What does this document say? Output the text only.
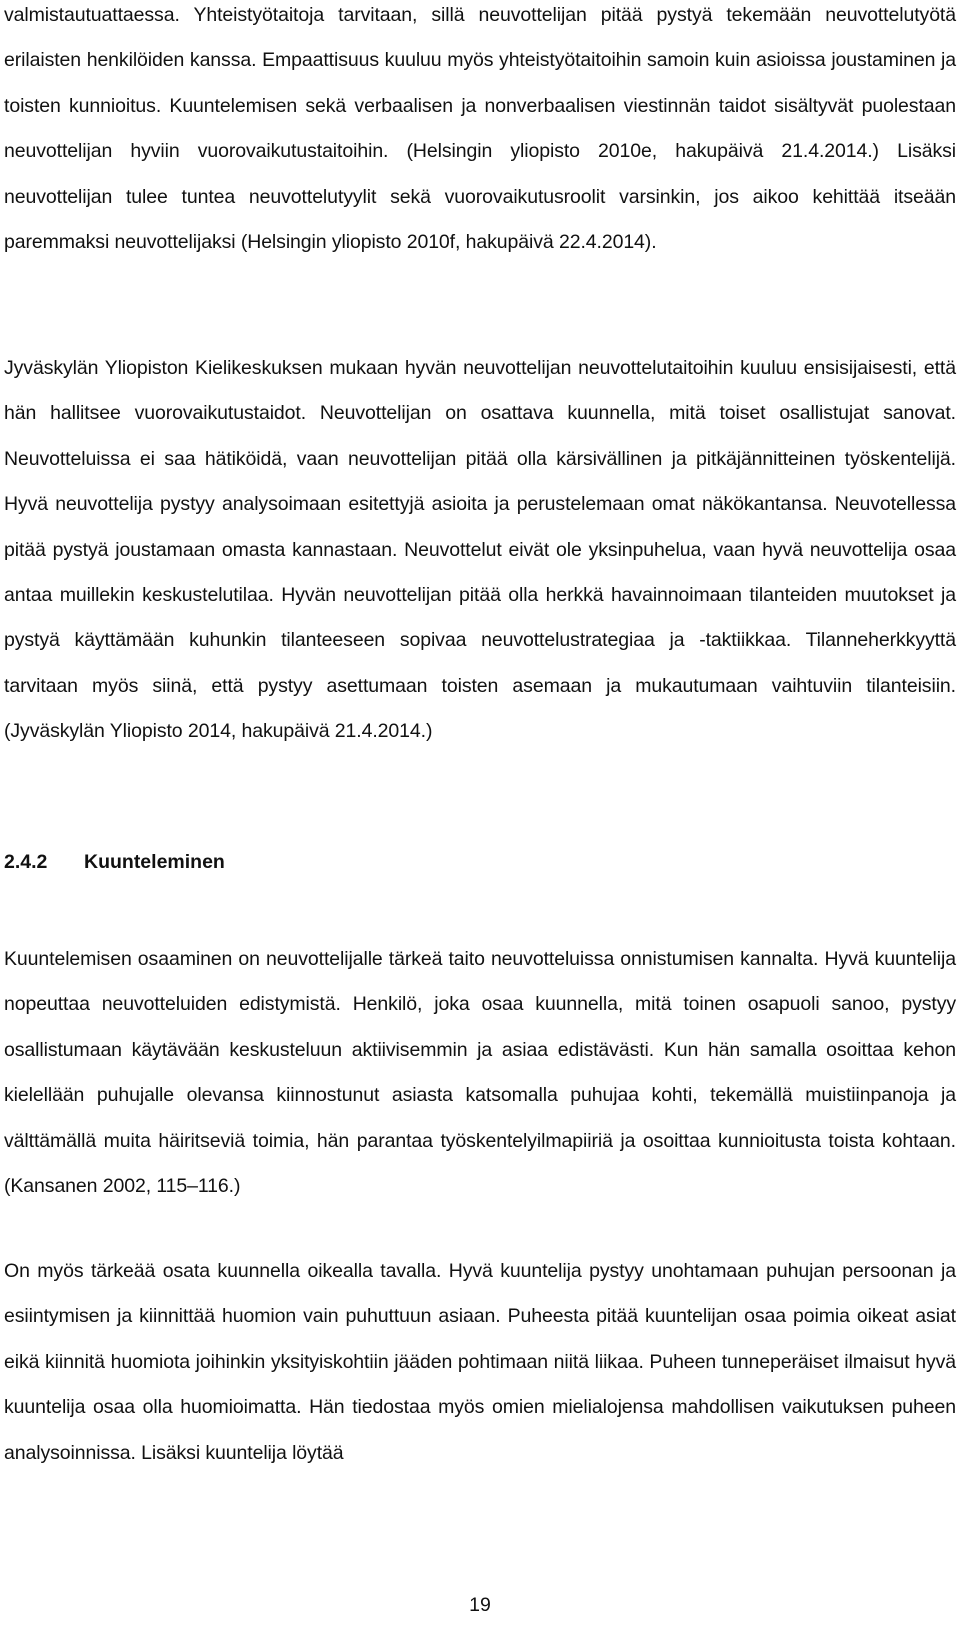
valmistautuattaessa. Yhteistyötaitoja tarvitaan, sillä neuvottelijan pitää pystyä tekemään neuvottelutyötä erilaisten henkilöiden kanssa. Empaattisuus kuuluu myös yhteistyötaitoihin samoin kuin asioissa joustaminen ja toisten kunnioitus. Kuuntelemisen sekä verbaalisen ja nonverbaalisen viestinnän taidot sisältyvät puolestaan neuvottelijan hyviin vuorovaikutustaitoihin. (Helsingin yliopisto 2010e, hakupäivä 21.4.2014.) Lisäksi neuvottelijan tulee tuntea neuvottelutyylit sekä vuorovaikutusroolit varsinkin, jos aikoo kehittää itseään paremmaksi neuvottelijaksi (Helsingin yliopisto 2010f, hakupäivä 22.4.2014).

Jyväskylän Yliopiston Kielikeskuksen mukaan hyvän neuvottelijan neuvottelutaitoihin kuuluu ensisijaisesti, että hän hallitsee vuorovaikutustaidot. Neuvottelijan on osattava kuunnella, mitä toiset osallistujat sanovat. Neuvotteluissa ei saa hätiköidä, vaan neuvottelijan pitää olla kärsivällinen ja pitkäjännitteinen työskentelijä. Hyvä neuvottelija pystyy analysoimaan esitettyjä asioita ja perustelemaan omat näkökantansa. Neuvotellessa pitää pystyä joustamaan omasta kannastaan. Neuvottelut eivät ole yksinpuhelua, vaan hyvä neuvottelija osaa antaa muillekin keskustelutilaa. Hyvän neuvottelijan pitää olla herkkä havainnoimaan tilanteiden muutokset ja pystyä käyttämään kuhunkin tilanteeseen sopivaa neuvottelustrategiaa ja -taktiikkaa. Tilanneherkkyyttä tarvitaan myös siinä, että pystyy asettumaan toisten asemaan ja mukautumaan vaihtuviin tilanteisiin. (Jyväskylän Yliopisto 2014, hakupäivä 21.4.2014.)

2.4.2 Kuunteleminen

Kuuntelemisen osaaminen on neuvottelijalle tärkeä taito neuvotteluissa onnistumisen kannalta. Hyvä kuuntelija nopeuttaa neuvotteluiden edistymistä. Henkilö, joka osaa kuunnella, mitä toinen osapuoli sanoo, pystyy osallistumaan käytävään keskusteluun aktiivisemmin ja asiaa edistävästi. Kun hän samalla osoittaa kehon kielellään puhujalle olevansa kiinnostunut asiasta katsomalla puhujaa kohti, tekemällä muistiinpanoja ja välttämällä muita häiritseviä toimia, hän parantaa työskentelyilmapiiriä ja osoittaa kunnioitusta toista kohtaan. (Kansanen 2002, 115–116.)

On myös tärkeää osata kuunnella oikealla tavalla. Hyvä kuuntelija pystyy unohtamaan puhujan persoonan ja esiintymisen ja kiinnittää huomion vain puhuttuun asiaan. Puheesta pitää kuuntelijan osaa poimia oikeat asiat eikä kiinnitä huomiota joihinkin yksityiskohtiin jääden pohtimaan niitä liikaa. Puheen tunneperäiset ilmaisut hyvä kuuntelija osaa olla huomioimatta. Hän tiedostaa myös omien mielialojensa mahdollisen vaikutuksen puheen analysoinnissa. Lisäksi kuuntelija löytää

19
